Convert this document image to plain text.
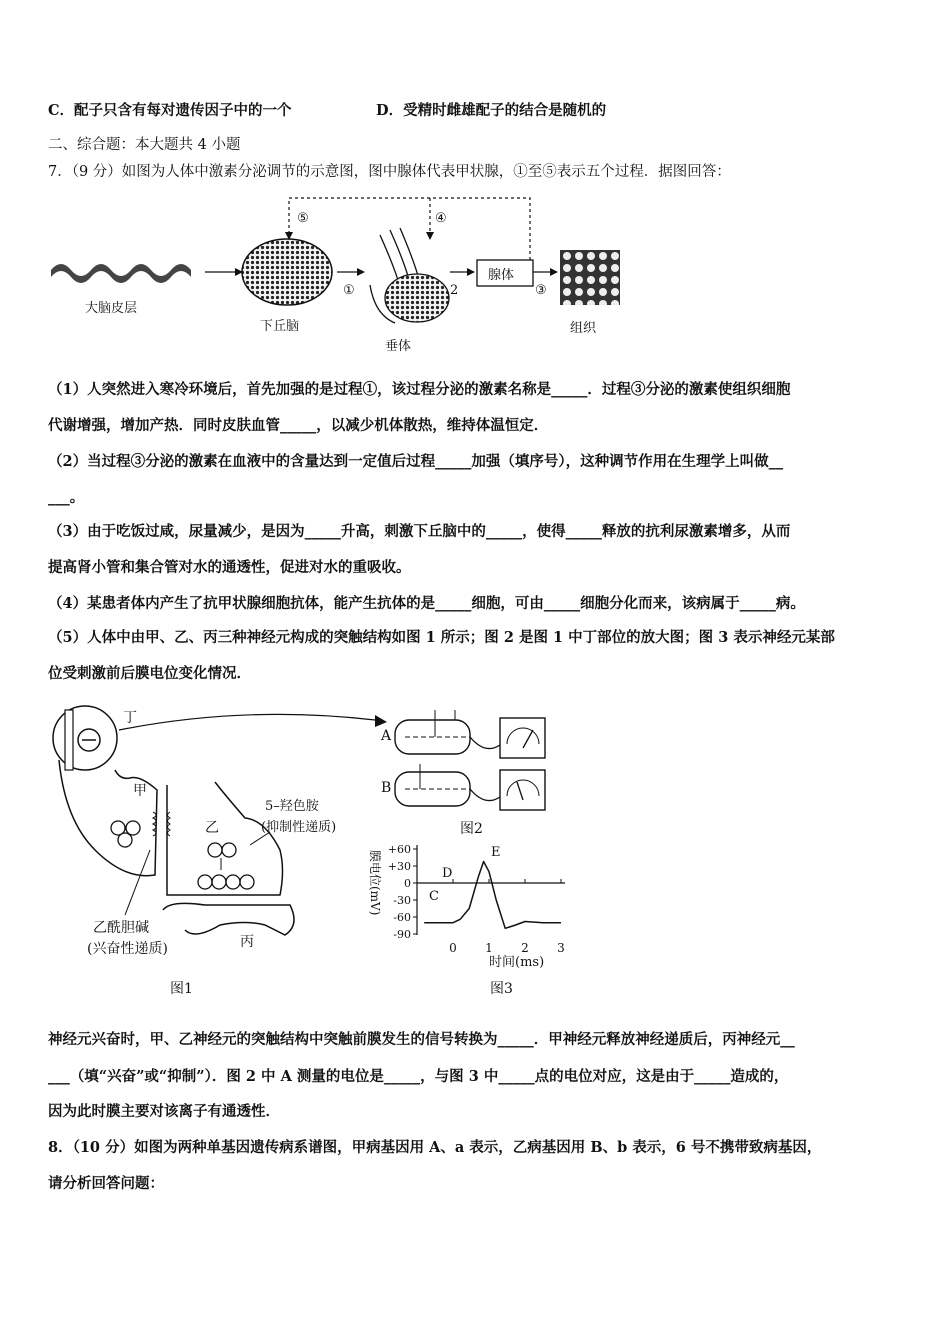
C．配子只含有每对遗传因子中的一个	D．受精时雌雄配子的结合是随机的
二、综合题：本大题共 4 小题
7．（9 分）如图为人体中激素分泌调节的示意图，图中腺体代表甲状腺，①至⑤表示五个过程．据图回答：
大脑皮层
下丘脑
①
垂体
2
腺体
③
组织
⑤	④
（1）人突然进入寒冷环境后，首先加强的是过程①，该过程分泌的激素名称是_____．过程③分泌的激素使组织细胞
代谢增强，增加产热．同时皮肤血管_____，以减少机体散热，维持体温恒定．
（2）当过程③分泌的激素在血液中的含量达到一定值后过程_____加强（填序号），这种调节作用在生理学上叫做__
___。
（3）由于吃饭过咸，尿量减少，是因为_____升高，刺激下丘脑中的_____，使得_____释放的抗利尿激素增多，从而
提高肾小管和集合管对水的通透性，促进对水的重吸收。
（4）某患者体内产生了抗甲状腺细胞抗体，能产生抗体的是_____细胞，可由_____细胞分化而来，该病属于_____病。
（5）人体中由甲、乙、丙三种神经元构成的突触结构如图 1 所示；图 2 是图 1 中丁部位的放大图；图 3 表示神经元某部
位受刺激前后膜电位变化情况．
丁
甲
乙
5–羟色胺
(抑制性递质)
丙
乙酰胆碱
(兴奋性递质)
图1
A
B
图2
膜电位(mV)
时间(ms)
C
D
E
+60
+30
0
-30
-60
-90
0 1 2 3
图3
神经元兴奋时，甲、乙神经元的突触结构中突触前膜发生的信号转换为_____．甲神经元释放神经递质后，丙神经元__
___（填“兴奋”或“抑制”）．图 2 中 A 测量的电位是_____，与图 3 中_____点的电位对应，这是由于_____造成的，
因为此时膜主要对该离子有通透性．
8．（10 分）如图为两种单基因遗传病系谱图，甲病基因用 A、a 表示，乙病基因用 B、b 表示，6 号不携带致病基因，
请分析回答问题：
